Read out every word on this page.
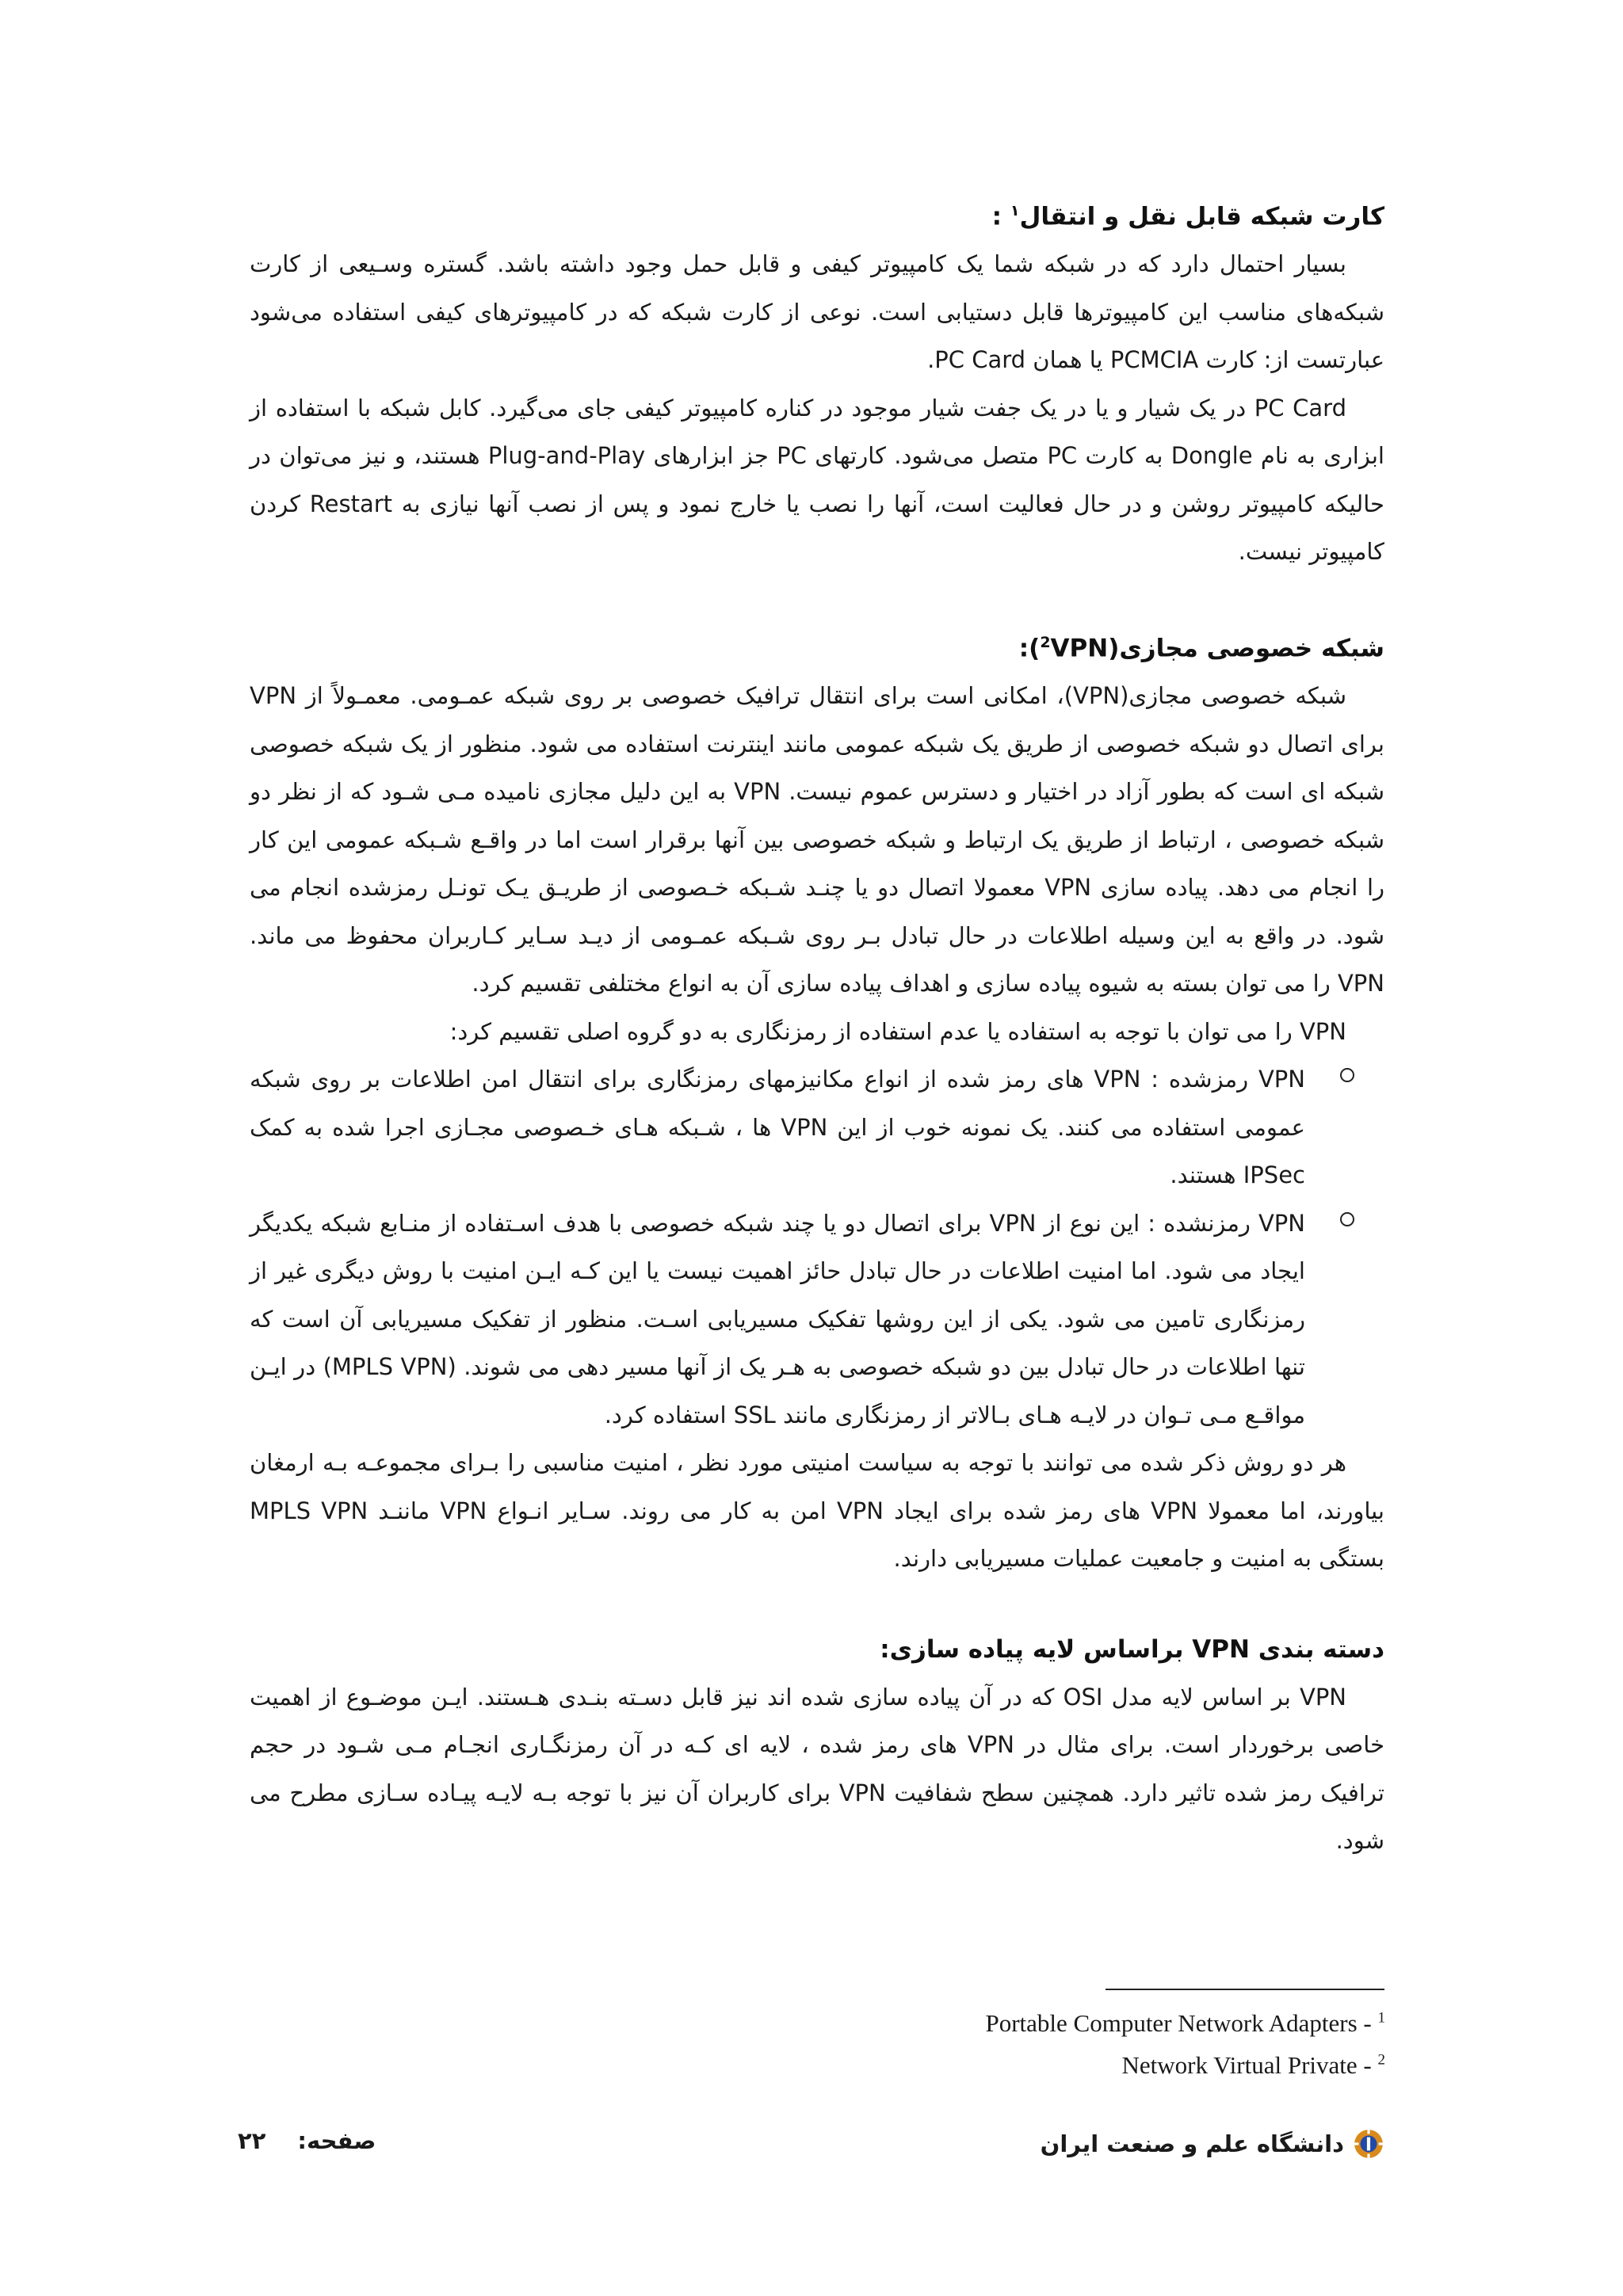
کارت شبکه قابل نقل و انتقال$^۱$ :

بسیار احتمال دارد که در شبکه شما یک کامپیوتر کیفی و قابل حمل وجود داشته باشد. گستره وسـیعی از کارت شبکه‌های مناسب این کامپیوترها قابل دستیابی است. نوعی از کارت شبکه که در کامپیوترهای کیفی استفاده می‌شود عبارتست از: کارت PCMCIA یا همان PC Card.

PC Card در یک شیار و یا در یک جفت شیار موجود در کناره کامپیوتر کیفی جای می‌گیرد. کابل شبکه با استفاده از ابزاری به نام Dongle به کارت PC متصل می‌شود. کارتهای PC جز ابزارهای Plug-and-Play هستند، و نیز می‌توان در حالیکه کامپیوتر روشن و در حال فعالیت است، آنها را نصب یا خارج نمود و پس از نصب آنها نیازی به Restart کردن کامپیوتر نیست.

شبکه خصوصی مجازی($^2$VPN):

شبکه خصوصی مجازی(VPN)، امکانی است برای انتقال ترافیک خصوصی بر روی شبکه عمـومی. معمـولاً از VPN برای اتصال دو شبکه خصوصی از طریق یک شبکه عمومی مانند اینترنت استفاده می شود. منظور از یک شبکه خصوصی شبکه ای است که بطور آزاد در اختیار و دسترس عموم نیست. VPN به این دلیل مجازی نامیده مـی شـود که از نظر دو شبکه خصوصی ، ارتباط از طریق یک ارتباط و شبکه خصوصی بین آنها برقرار است اما در واقـع شـبکه عمومی این کار را انجام می دهد. پیاده سازی VPN معمولا اتصال دو یا چنـد شـبکه خـصوصی از طریـق یـک تونـل رمزشده انجام می شود. در واقع به این وسیله اطلاعات در حال تبادل بـر روی شـبکه عمـومی از دیـد سـایر کـاربران محفوظ می ماند. VPN را می توان بسته به شیوه پیاده سازی و اهداف پیاده سازی آن به انواع مختلفی تقسیم کرد.

VPN را می توان با توجه به استفاده یا عدم استفاده از رمزنگاری به دو گروه اصلی تقسیم کرد:

VPN رمزشده : VPN های رمز شده از انواع مکانیزمهای رمزنگاری برای انتقال امن اطلاعات بر روی شبکه عمومی استفاده می کنند. یک نمونه خوب از این VPN ها ، شـبکه هـای خـصوصی مجـازی اجرا شده به کمک IPSec هستند.

VPN رمزنشده : این نوع از VPN برای اتصال دو یا چند شبکه خصوصی با هدف اسـتفاده از منـابع شبکه یکدیگر ایجاد می شود. اما امنیت اطلاعات در حال تبادل حائز اهمیت نیست یا این کـه ایـن امنیت با روش دیگری غیر از رمزنگاری تامین می شود. یکی از این روشها تفکیک مسیریابی اسـت. منظور از تفکیک مسیریابی آن است که تنها اطلاعات در حال تبادل بین دو شبکه خصوصی به هـر یک از آنها مسیر دهی می شوند. (MPLS VPN) در ایـن مواقـع مـی تـوان در لایـه هـای بـالاتر از رمزنگاری مانند SSL استفاده کرد.

هر دو روش ذکر شده می توانند با توجه به سیاست امنیتی مورد نظر ، امنیت مناسبی را بـرای مجموعـه بـه ارمغان بیاورند، اما معمولا VPN های رمز شده برای ایجاد VPN امن به کار می روند. سـایر انـواع VPN ماننـد MPLS VPN بستگی به امنیت و جامعیت عملیات مسیریابی دارند.

دسته بندی VPN براساس لایه پیاده سازی:

VPN بر اساس لایه مدل OSI که در آن پیاده سازی شده اند نیز قابل دسـته بنـدی هـستند. ایـن موضـوع از اهمیت خاصی برخوردار است. برای مثال در VPN های رمز شده ، لایه ای کـه در آن رمزنگـاری انجـام مـی شـود در حجم ترافیک رمز شده تاثیر دارد. همچنین سطح شفافیت VPN برای کاربران آن نیز با توجه بـه لایـه پیـاده سـازی مطرح می شود.

Portable Computer Network Adapters - $^1$
Network Virtual Private - $^2$
دانشگاه علم و صنعت ایران
صفحه:
۲۲
